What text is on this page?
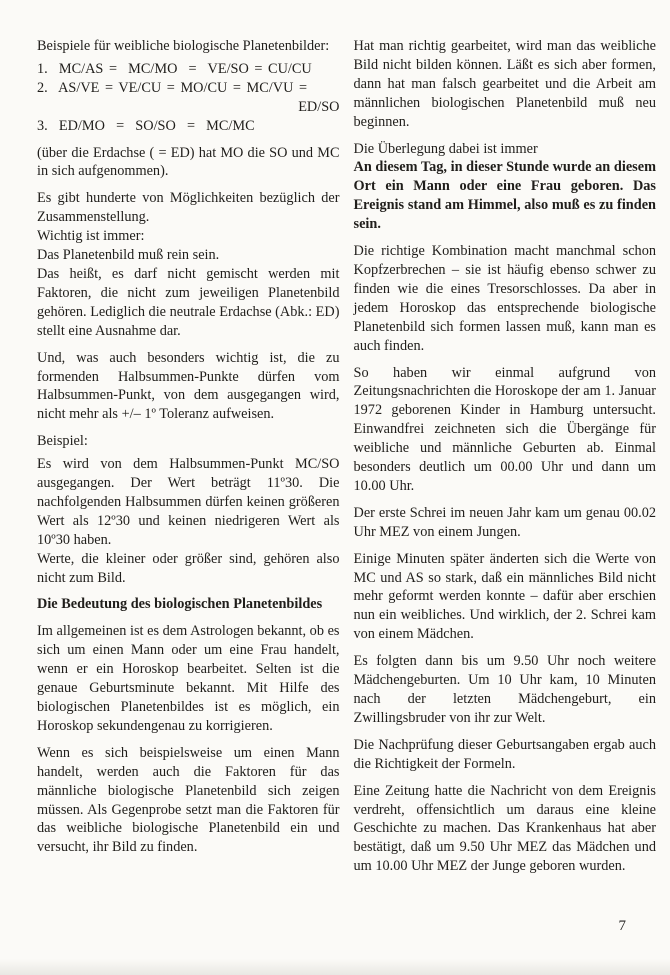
Beispiele für weibliche biologische Planetenbilder:

1.  MC/AS =  MC/MO  =  VE/SO = CU/CU
2.  AS/VE = VE/CU = MO/CU = MC/VU =
ED/SO
3.  ED/MO  =  SO/SO  =  MC/MC

(über die Erdachse ( = ED) hat MO die SO und MC in sich aufgenommen).

Es gibt hunderte von Möglichkeiten bezüglich der Zusammenstellung.

Wichtig ist immer:

Das Planetenbild muß rein sein.

Das heißt, es darf nicht gemischt werden mit Faktoren, die nicht zum jeweiligen Planetenbild gehören. Lediglich die neutrale Erdachse (Abk.: ED) stellt eine Ausnahme dar.

Und, was auch besonders wichtig ist, die zu formenden Halbsummen-Punkte dürfen vom Halbsummen-Punkt, von dem ausgegangen wird, nicht mehr als +/– 1º Toleranz aufweisen.

Beispiel:

Es wird von dem Halbsummen-Punkt MC/SO ausgegangen. Der Wert beträgt 11º30. Die nachfolgenden Halbsummen dürfen keinen größeren Wert als 12º30 und keinen niedrigeren Wert als 10º30 haben.

Werte, die kleiner oder größer sind, gehören also nicht zum Bild.

Die Bedeutung des biologischen Planetenbildes

Im allgemeinen ist es dem Astrologen bekannt, ob es sich um einen Mann oder um eine Frau handelt, wenn er ein Horoskop bearbeitet. Selten ist die genaue Geburtsminute bekannt. Mit Hilfe des biologischen Planetenbildes ist es möglich, ein Horoskop sekundengenau zu korrigieren.

Wenn es sich beispielsweise um einen Mann handelt, werden auch die Faktoren für das männliche biologische Planetenbild sich zeigen müssen. Als Gegenprobe setzt man die Faktoren für das weibliche biologische Planetenbild ein und versucht, ihr Bild zu finden.

Hat man richtig gearbeitet, wird man das weibliche Bild nicht bilden können. Läßt es sich aber formen, dann hat man falsch gearbeitet und die Arbeit am männlichen biologischen Planetenbild muß neu beginnen.

Die Überlegung dabei ist immer

An diesem Tag, in dieser Stunde wurde an diesem Ort ein Mann oder eine Frau geboren. Das Ereignis stand am Himmel, also muß es zu finden sein.

Die richtige Kombination macht manchmal schon Kopfzerbrechen – sie ist häufig ebenso schwer zu finden wie die eines Tresorschlosses. Da aber in jedem Horoskop das entsprechende biologische Planetenbild sich formen lassen muß, kann man es auch finden.

So haben wir einmal aufgrund von Zeitungsnachrichten die Horoskope der am 1. Januar 1972 geborenen Kinder in Hamburg untersucht. Einwandfrei zeichneten sich die Übergänge für weibliche und männliche Geburten ab. Einmal besonders deutlich um 00.00 Uhr und dann um 10.00 Uhr.

Der erste Schrei im neuen Jahr kam um genau 00.02 Uhr MEZ von einem Jungen.

Einige Minuten später änderten sich die Werte von MC und AS so stark, daß ein männliches Bild nicht mehr geformt werden konnte – dafür aber erschien nun ein weibliches. Und wirklich, der 2. Schrei kam von einem Mädchen.

Es folgten dann bis um 9.50 Uhr noch weitere Mädchengeburten. Um 10 Uhr kam, 10 Minuten nach der letzten Mädchengeburt, ein Zwillingsbruder von ihr zur Welt.

Die Nachprüfung dieser Geburtsangaben ergab auch die Richtigkeit der Formeln.

Eine Zeitung hatte die Nachricht von dem Ereignis verdreht, offensichtlich um daraus eine kleine Geschichte zu machen. Das Krankenhaus hat aber bestätigt, daß um 9.50 Uhr MEZ das Mädchen und um 10.00 Uhr MEZ der Junge geboren wurden.

7
